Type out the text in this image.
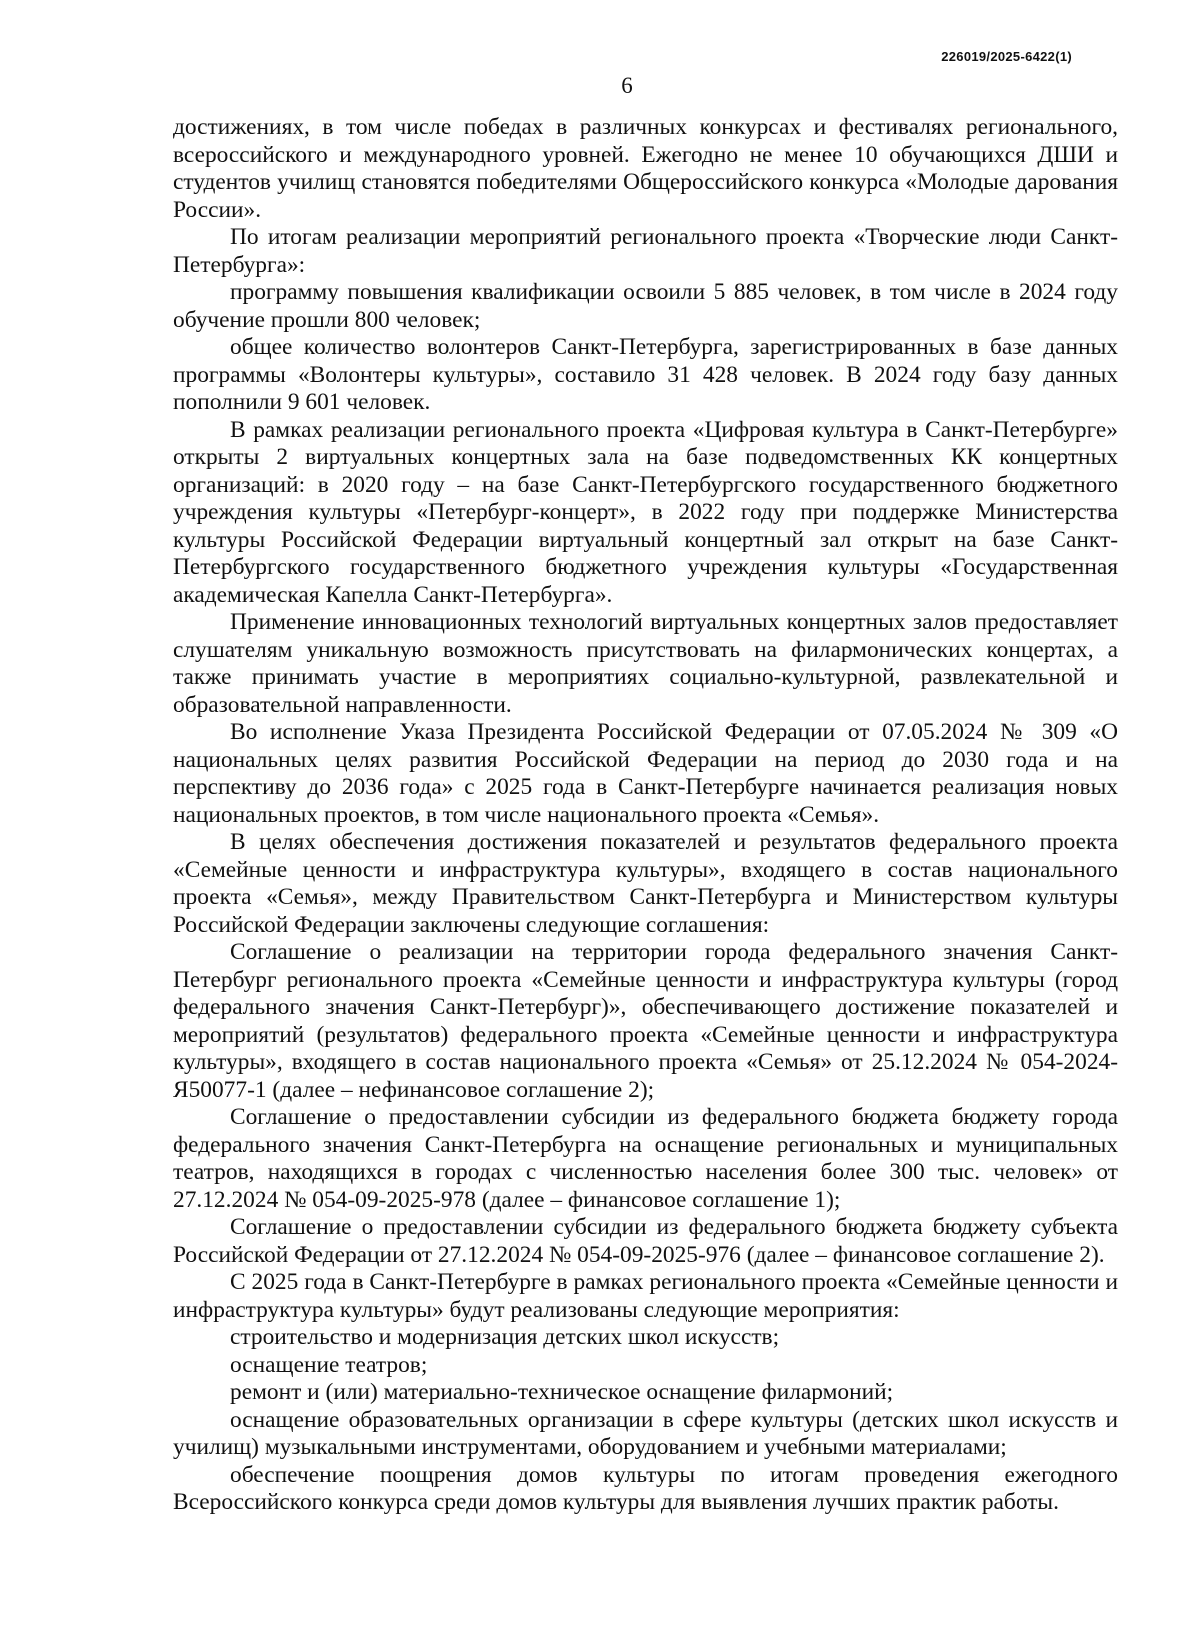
226019/2025-6422(1)
6

достижениях, в том числе победах в различных конкурсах и фестивалях регионального, всероссийского и международного уровней. Ежегодно не менее 10 обучающихся ДШИ и студентов училищ становятся победителями Общероссийского конкурса «Молодые дарования России».

По итогам реализации мероприятий регионального проекта «Творческие люди Санкт-Петербурга»:

программу повышения квалификации освоили 5 885 человек, в том числе в 2024 году обучение прошли 800 человек;

общее количество волонтеров Санкт-Петербурга, зарегистрированных в базе данных программы «Волонтеры культуры», составило 31 428 человек. В 2024 году базу данных пополнили 9 601 человек.

В рамках реализации регионального проекта «Цифровая культура в Санкт-Петербурге» открыты 2 виртуальных концертных зала на базе подведомственных КК концертных организаций: в 2020 году – на базе Санкт-Петербургского государственного бюджетного учреждения культуры «Петербург-концерт», в 2022 году при поддержке Министерства культуры Российской Федерации виртуальный концертный зал открыт на базе Санкт-Петербургского государственного бюджетного учреждения культуры «Государственная академическая Капелла Санкт-Петербурга».

Применение инновационных технологий виртуальных концертных залов предоставляет слушателям уникальную возможность присутствовать на филармонических концертах, а также принимать участие в мероприятиях социально-культурной, развлекательной и образовательной направленности.

Во исполнение Указа Президента Российской Федерации от 07.05.2024 № 309 «О национальных целях развития Российской Федерации на период до 2030 года и на перспективу до 2036 года» с 2025 года в Санкт-Петербурге начинается реализация новых национальных проектов, в том числе национального проекта «Семья».

В целях обеспечения достижения показателей и результатов федерального проекта «Семейные ценности и инфраструктура культуры», входящего в состав национального проекта «Семья», между Правительством Санкт-Петербурга и Министерством культуры Российской Федерации заключены следующие соглашения:

Соглашение о реализации на территории города федерального значения Санкт-Петербург регионального проекта «Семейные ценности и инфраструктура культуры (город федерального значения Санкт-Петербург)», обеспечивающего достижение показателей и мероприятий (результатов) федерального проекта «Семейные ценности и инфраструктура культуры», входящего в состав национального проекта «Семья» от 25.12.2024 № 054-2024-Я50077-1 (далее – нефинансовое соглашение 2);

Соглашение о предоставлении субсидии из федерального бюджета бюджету города федерального значения Санкт-Петербурга на оснащение региональных и муниципальных театров, находящихся в городах с численностью населения более 300 тыс. человек» от 27.12.2024 № 054-09-2025-978 (далее – финансовое соглашение 1);

Соглашение о предоставлении субсидии из федерального бюджета бюджету субъекта Российской Федерации от 27.12.2024 № 054-09-2025-976 (далее – финансовое соглашение 2).

С 2025 года в Санкт-Петербурге в рамках регионального проекта «Семейные ценности и инфраструктура культуры» будут реализованы следующие мероприятия:

строительство и модернизация детских школ искусств;

оснащение театров;

ремонт и (или) материально-техническое оснащение филармоний;

оснащение образовательных организации в сфере культуры (детских школ искусств и училищ) музыкальными инструментами, оборудованием и учебными материалами;

обеспечение поощрения домов культуры по итогам проведения ежегодного Всероссийского конкурса среди домов культуры для выявления лучших практик работы.
